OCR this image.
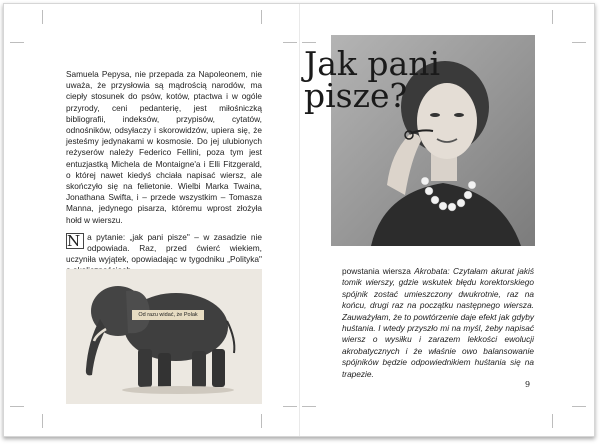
Samuela Pepysa, nie przepada za Napoleonem, nie uważa, że przysłowia są mądrością narodów, ma ciepły stosunek do psów, kotów, ptactwa i w ogóle przyrody, ceni pedanterię, jest miłośniczką bibliografii, indeksów, przypisów, cytatów, odnośników, odsyłaczy i skorowidzów, upiera się, że jesteśmy jedynakami w kosmosie. Do jej ulubionych reżyserów należy Federico Fellini, poza tym jest entuzjastką Michela de Montaigne'a i Elli Fitzgerald, o której nawet kiedyś chciała napisać wiersz, ale skończyło się na felietonie. Wielbi Marka Twaina, Jonathana Swifta, i – przede wszystkim – Tomasza Manna, jedynego pisarza, któremu wprost złożyła hołd w wierszu.

N a pytanie: „jak pani pisze" – w zasadzie nie odpowiada. Raz, przed ćwierć wiekiem, uczyniła wyjątek, opowiadając w tygodniku „Polityka"

Od razu widać, że Polak
Jak pani
pisze?
powstania wiersza Akrobata: Czytałam akurat jakiś tomik wierszy, gdzie wskutek błędu korektorskiego spójnik zostać umieszczony dwukrotnie, raz na końcu, drugi raz na początku następnego wiersza. Zauważyłam, że to powtórzenie daje efekt jak gdyby huśtania. I wtedy przyszło mi na myśl, żeby napisać wiersz o wysiłku i zarazem lekkości ewolucji akrobatycznych i że właśnie owo balansowanie spójników będzie odpowiednikiem huśtania się na trapezie.
9
